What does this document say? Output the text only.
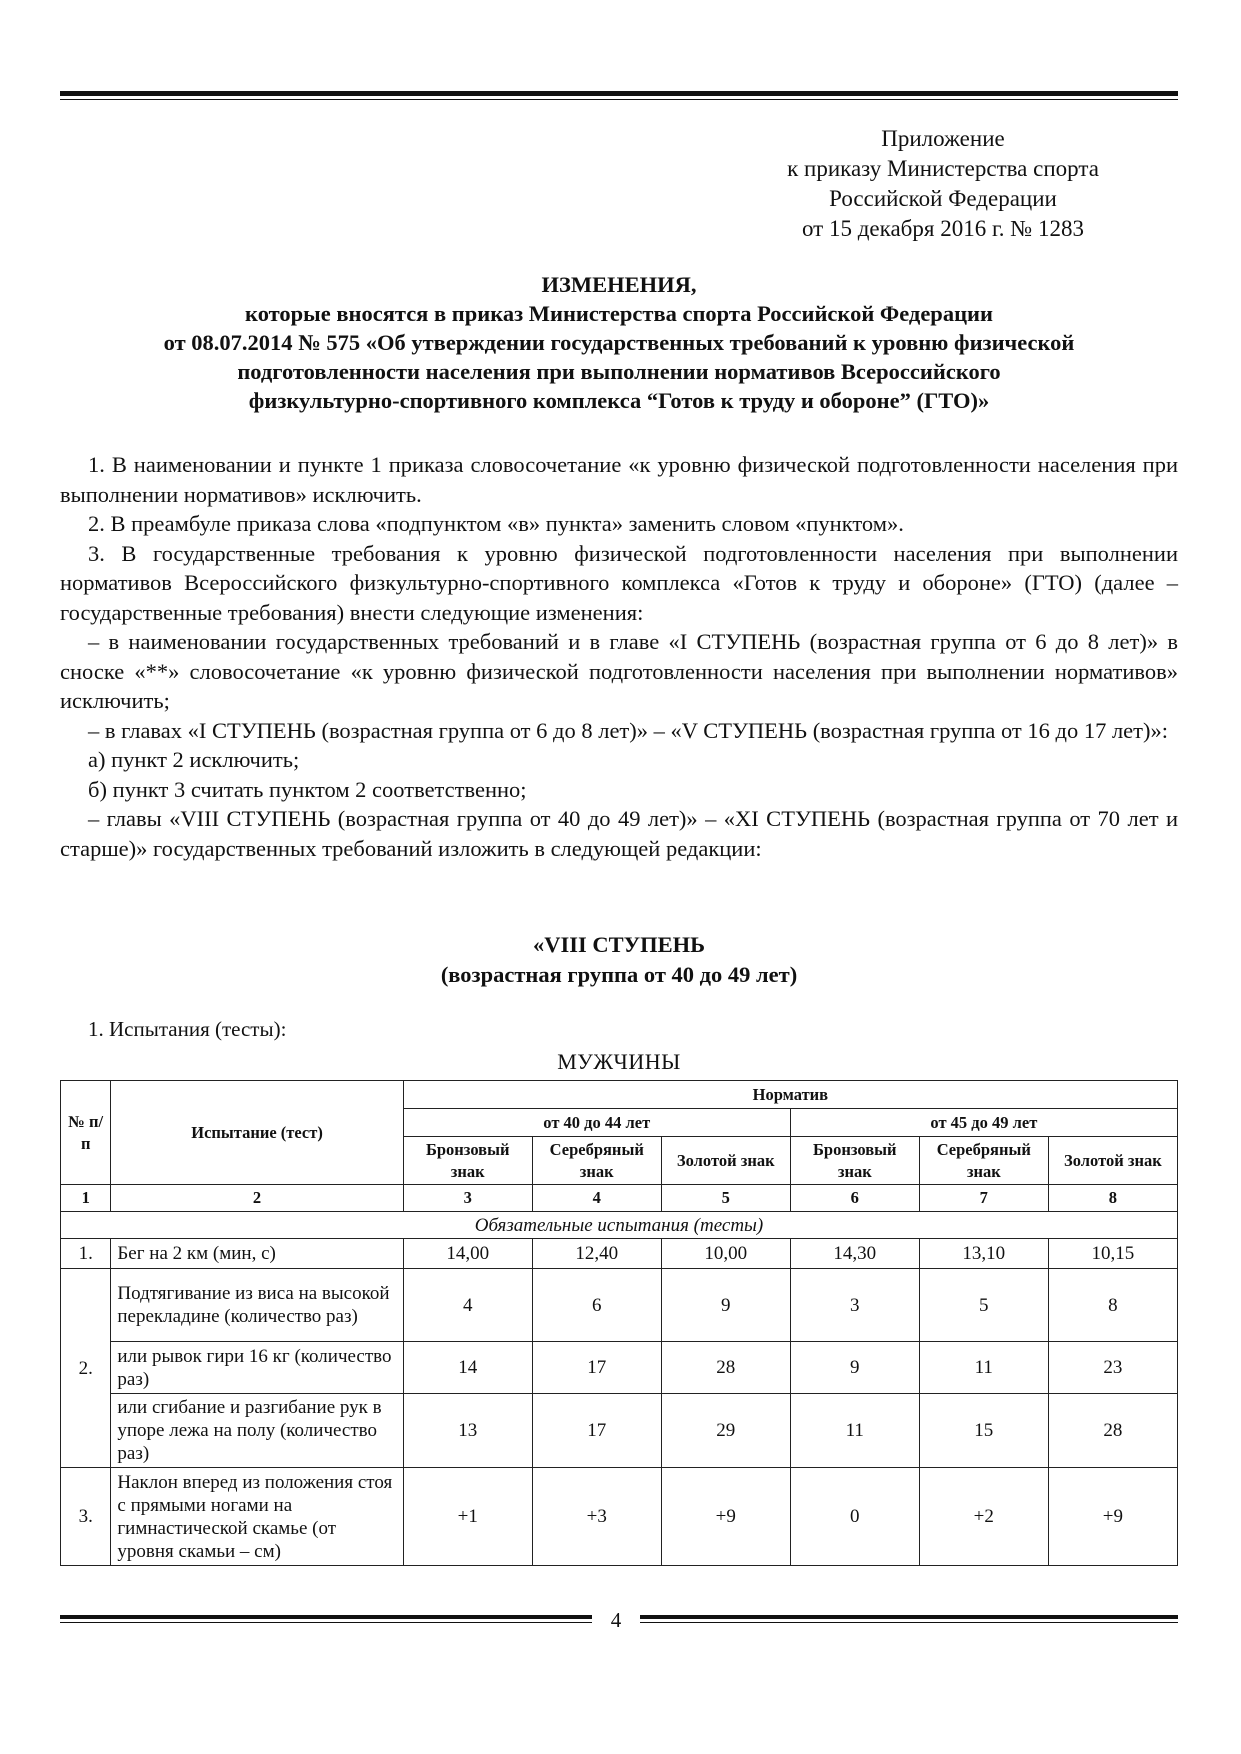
Приложение
к приказу Министерства спорта
Российской Федерации
от 15 декабря 2016 г. № 1283
ИЗМЕНЕНИЯ,
которые вносятся в приказ Министерства спорта Российской Федерации
от 08.07.2014 № 575 «Об утверждении государственных требований к уровню физической
подготовленности населения при выполнении нормативов Всероссийского
физкультурно-спортивного комплекса “Готов к труду и обороне” (ГТО)»

1. В наименовании и пункте 1 приказа словосочетание «к уровню физической подготовленности населения при выполнении нормативов» исключить.

2. В преамбуле приказа слова «подпунктом «в» пункта» заменить словом «пунктом».

3. В государственные требования к уровню физической подготовленности населения при выполнении нормативов Всероссийского физкультурно-спортивного комплекса «Готов к труду и обороне» (ГТО) (далее – государственные требования) внести следующие изменения:

– в наименовании государственных требований и в главе «I СТУПЕНЬ (возрастная группа от 6 до 8 лет)» в сноске «**» словосочетание «к уровню физической подготовленности населения при выполнении нормативов» исключить;

– в главах «I СТУПЕНЬ (возрастная группа от 6 до 8 лет)» – «V СТУПЕНЬ (возрастная группа от 16 до 17 лет)»:

а) пункт 2 исключить;

б) пункт 3 считать пунктом 2 соответственно;

– главы «VIII СТУПЕНЬ (возрастная группа от 40 до 49 лет)» – «XI СТУПЕНЬ (возрастная группа от 70 лет и старше)» государственных требований изложить в следующей редакции:

«VIII СТУПЕНЬ
(возрастная группа от 40 до 49 лет)
1. Испытания (тесты):
МУЖЧИНЫ
№ п/п	Испытание (тест)	Норматив					
		от 40 до 44 лет			от 45 до 49 лет		
		Бронзовый знак	Серебряный знак	Золотой знак	Бронзовый знак	Серебряный знак	Золотой знак
1	2	3	4	5	6	7	8
Обязательные испытания (тесты)							
1.	Бег на 2 км (мин, с)	14,00	12,40	10,00	14,30	13,10	10,15
2.	Подтягивание из виса на высокой перекладине (количество раз)	4	6	9	3	5	8
	или рывок гири 16 кг (количество раз)	14	17	28	9	11	23
	или сгибание и разгибание рук в упоре лежа на полу (количество раз)	13	17	29	11	15	28
3.	Наклон вперед из положения стоя с прямыми ногами на гимнастической скамье (от уровня скамьи – см)	+1	+3	+9	0	+2	+9
4
